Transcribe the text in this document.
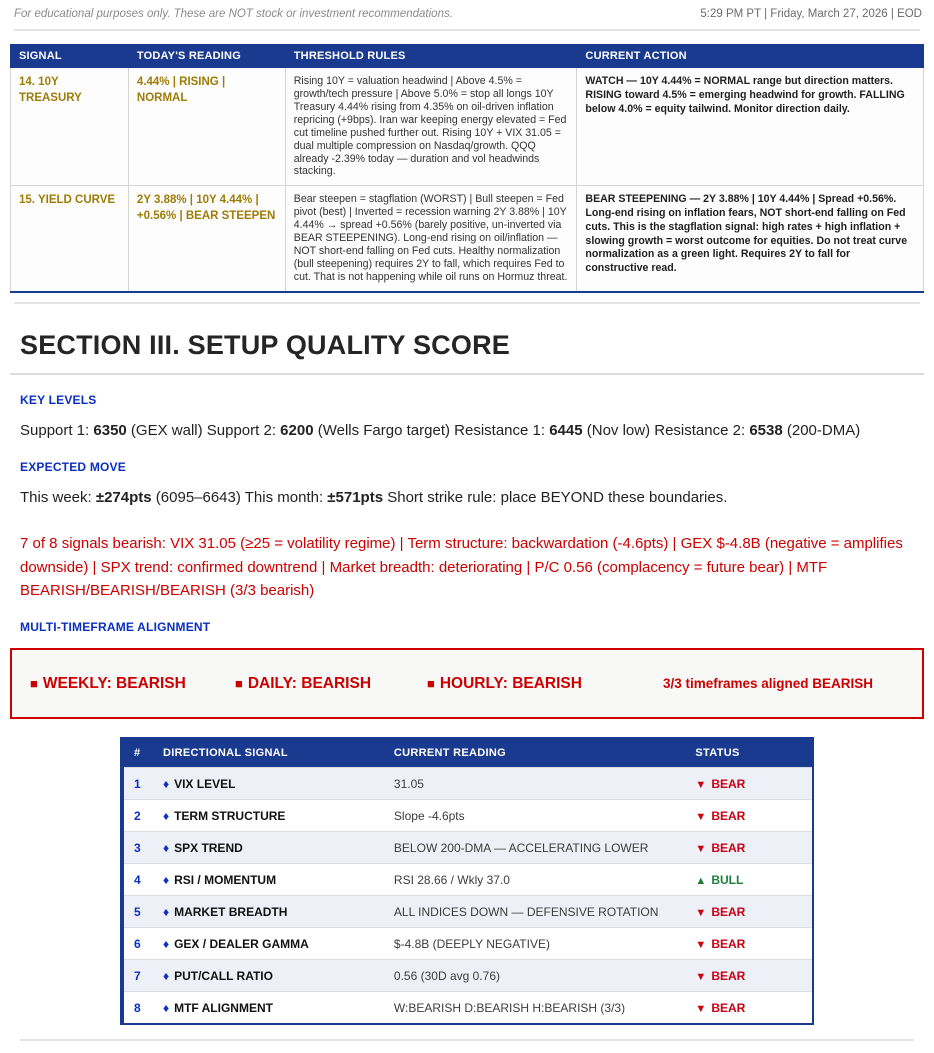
For educational purposes only. These are NOT stock or investment recommendations.	5:29 PM PT | Friday, March 27, 2026 | EOD
SIGNAL	TODAY'S READING	THRESHOLD RULES	CURRENT ACTION
14. 10Y TREASURY	4.44% | RISING | NORMAL	Rising 10Y = valuation headwind | Above 4.5% = growth/tech pressure | Above 5.0% = stop all longs 10Y Treasury 4.44% rising from 4.35% on oil-driven inflation repricing (+9bps). Iran war keeping energy elevated = Fed cut timeline pushed further out. Rising 10Y + VIX 31.05 = dual multiple compression on Nasdaq/growth. QQQ already -2.39% today — duration and vol headwinds stacking.	WATCH — 10Y 4.44% = NORMAL range but direction matters. RISING toward 4.5% = emerging headwind for growth. FALLING below 4.0% = equity tailwind. Monitor direction daily.
15. YIELD CURVE	2Y 3.88% | 10Y 4.44% | +0.56% | BEAR STEEPEN	Bear steepen = stagflation (WORST) | Bull steepen = Fed pivot (best) | Inverted = recession warning 2Y 3.88% | 10Y 4.44% → spread +0.56% (barely positive, un-inverted via BEAR STEEPENING). Long-end rising on oil/inflation — NOT short-end falling on Fed cuts. Healthy normalization (bull steepening) requires 2Y to fall, which requires Fed to cut. That is not happening while oil runs on Hormuz threat.	BEAR STEEPENING — 2Y 3.88% | 10Y 4.44% | Spread +0.56%. Long-end rising on inflation fears, NOT short-end falling on Fed cuts. This is the stagflation signal: high rates + high inflation + slowing growth = worst outcome for equities. Do not treat curve normalization as a green light. Requires 2Y to fall for constructive read.
SECTION III. SETUP QUALITY SCORE
KEY LEVELS
Support 1: 6350 (GEX wall) Support 2: 6200 (Wells Fargo target) Resistance 1: 6445 (Nov low) Resistance 2: 6538 (200-DMA)
EXPECTED MOVE
This week: ±274pts (6095–6643) This month: ±571pts Short strike rule: place BEYOND these boundaries.
7 of 8 signals bearish: VIX 31.05 (≥25 = volatility regime) | Term structure: backwardation (-4.6pts) | GEX $-4.8B (negative = amplifies downside) | SPX trend: confirmed downtrend | Market breadth: deteriorating | P/C 0.56 (complacency = future bear) | MTF BEARISH/BEARISH/BEARISH (3/3 bearish)
MULTI-TIMEFRAME ALIGNMENT
■ WEEKLY: BEARISH	■ DAILY: BEARISH	■ HOURLY: BEARISH	3/3 timeframes aligned BEARISH
#	DIRECTIONAL SIGNAL	CURRENT READING	STATUS
1	♦ VIX LEVEL	31.05	▼ BEAR
2	♦ TERM STRUCTURE	Slope -4.6pts	▼ BEAR
3	♦ SPX TREND	BELOW 200-DMA — ACCELERATING LOWER	▼ BEAR
4	♦ RSI / MOMENTUM	RSI 28.66 / Wkly 37.0	▲ BULL
5	♦ MARKET BREADTH	ALL INDICES DOWN — DEFENSIVE ROTATION	▼ BEAR
6	♦ GEX / DEALER GAMMA	$-4.8B (DEEPLY NEGATIVE)	▼ BEAR
7	♦ PUT/CALL RATIO	0.56 (30D avg 0.76)	▼ BEAR
8	♦ MTF ALIGNMENT	W:BEARISH D:BEARISH H:BEARISH (3/3)	▼ BEAR
